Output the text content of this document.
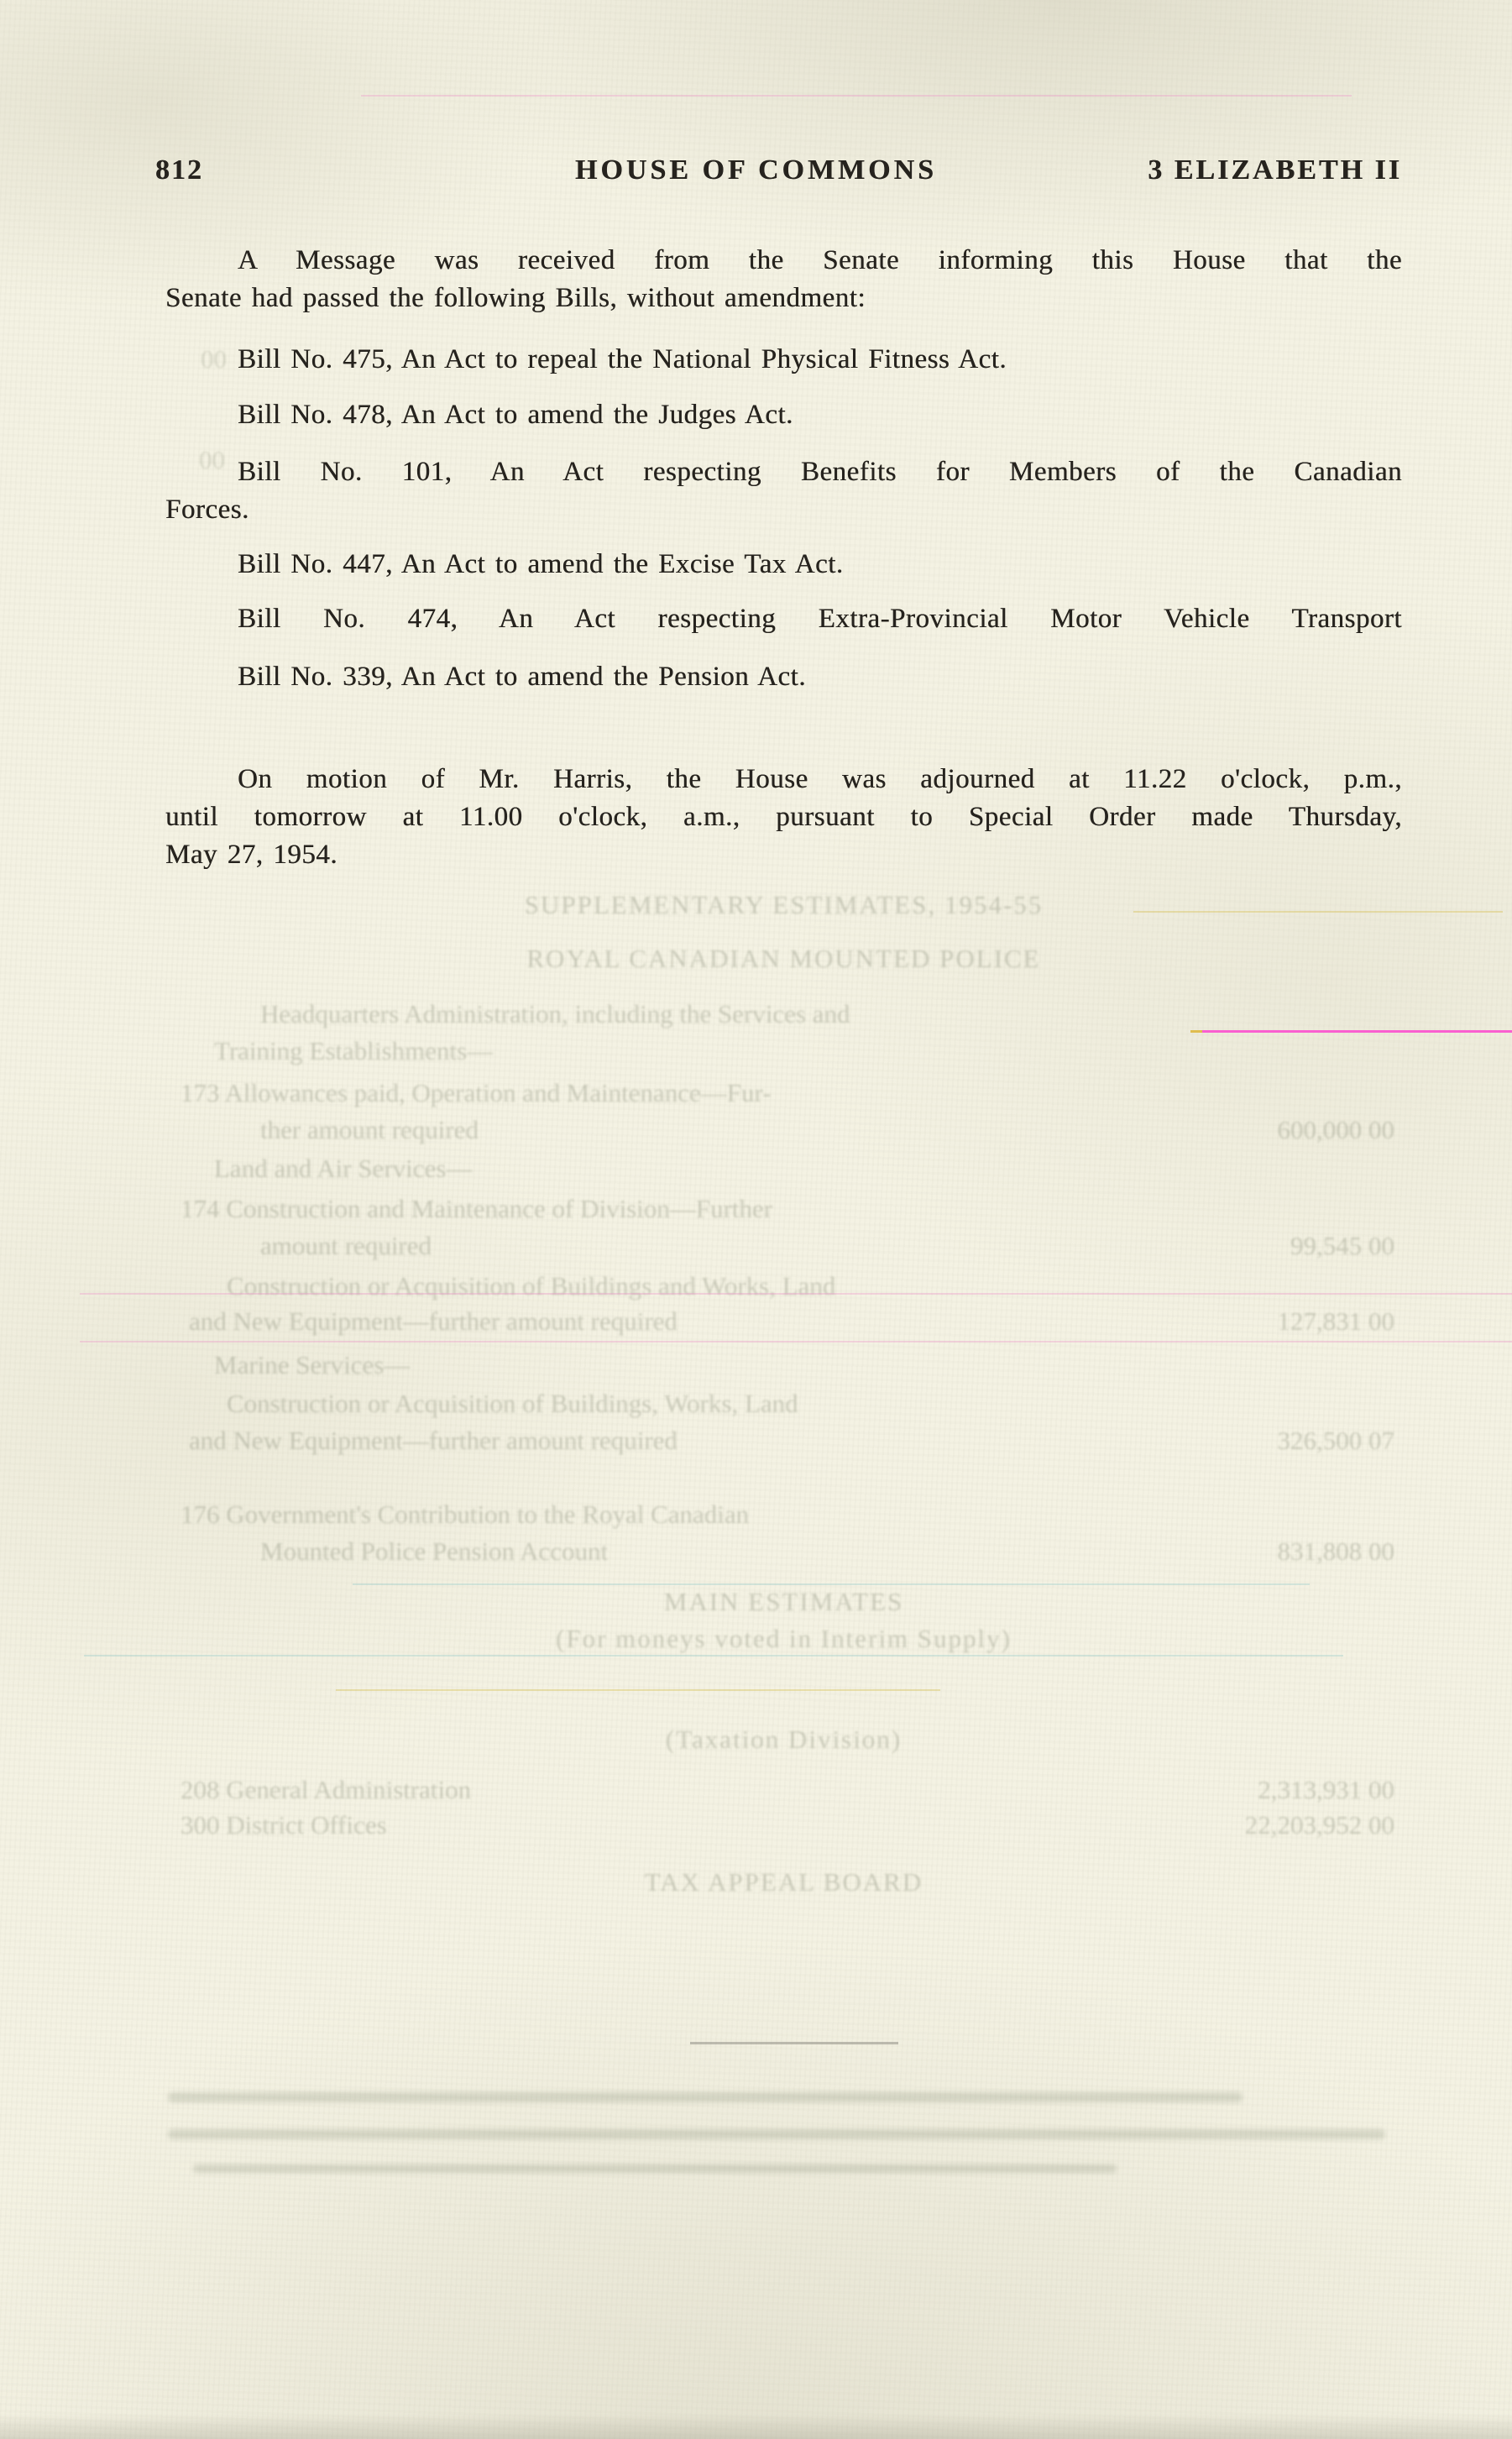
812	HOUSE OF COMMONS	3 ELIZABETH II
A Message was received from the Senate informing this House that the
Senate had passed the following Bills, without amendment:
Bill No. 475, An Act to repeal the National Physical Fitness Act.
Bill No. 478, An Act to amend the Judges Act.
Bill No. 101, An Act respecting Benefits for Members of the Canadian
Forces.
Bill No. 447, An Act to amend the Excise Tax Act.
Bill No. 474, An Act respecting Extra-Provincial Motor Vehicle Transport
Bill No. 339, An Act to amend the Pension Act.
On motion of Mr. Harris, the House was adjourned at 11.22 o'clock, p.m.,
until tomorrow at 11.00 o'clock, a.m., pursuant to Special Order made Thursday,
May 27, 1954.
SUPPLEMENTARY ESTIMATES, 1954-55
ROYAL CANADIAN MOUNTED POLICE
Headquarters Administration, including the Services and
Training Establishments—
173 Allowances paid, Operation and Maintenance—Fur-
ther amount required	600,000 00
Land and Air Services—
174 Construction and Maintenance of Division—Further
amount required	99,545 00
Construction or Acquisition of Buildings and Works, Land
and New Equipment—further amount required	127,831 00
Marine Services—
Construction or Acquisition of Buildings, Works, Land
and New Equipment—further amount required	326,500 07
176 Government's Contribution to the Royal Canadian
Mounted Police Pension Account	831,808 00
MAIN ESTIMATES
(For moneys voted in Interim Supply)
(Taxation Division)
208 General Administration	2,313,931 00
300 District Offices	22,203,952 00
TAX APPEAL BOARD
00
00
